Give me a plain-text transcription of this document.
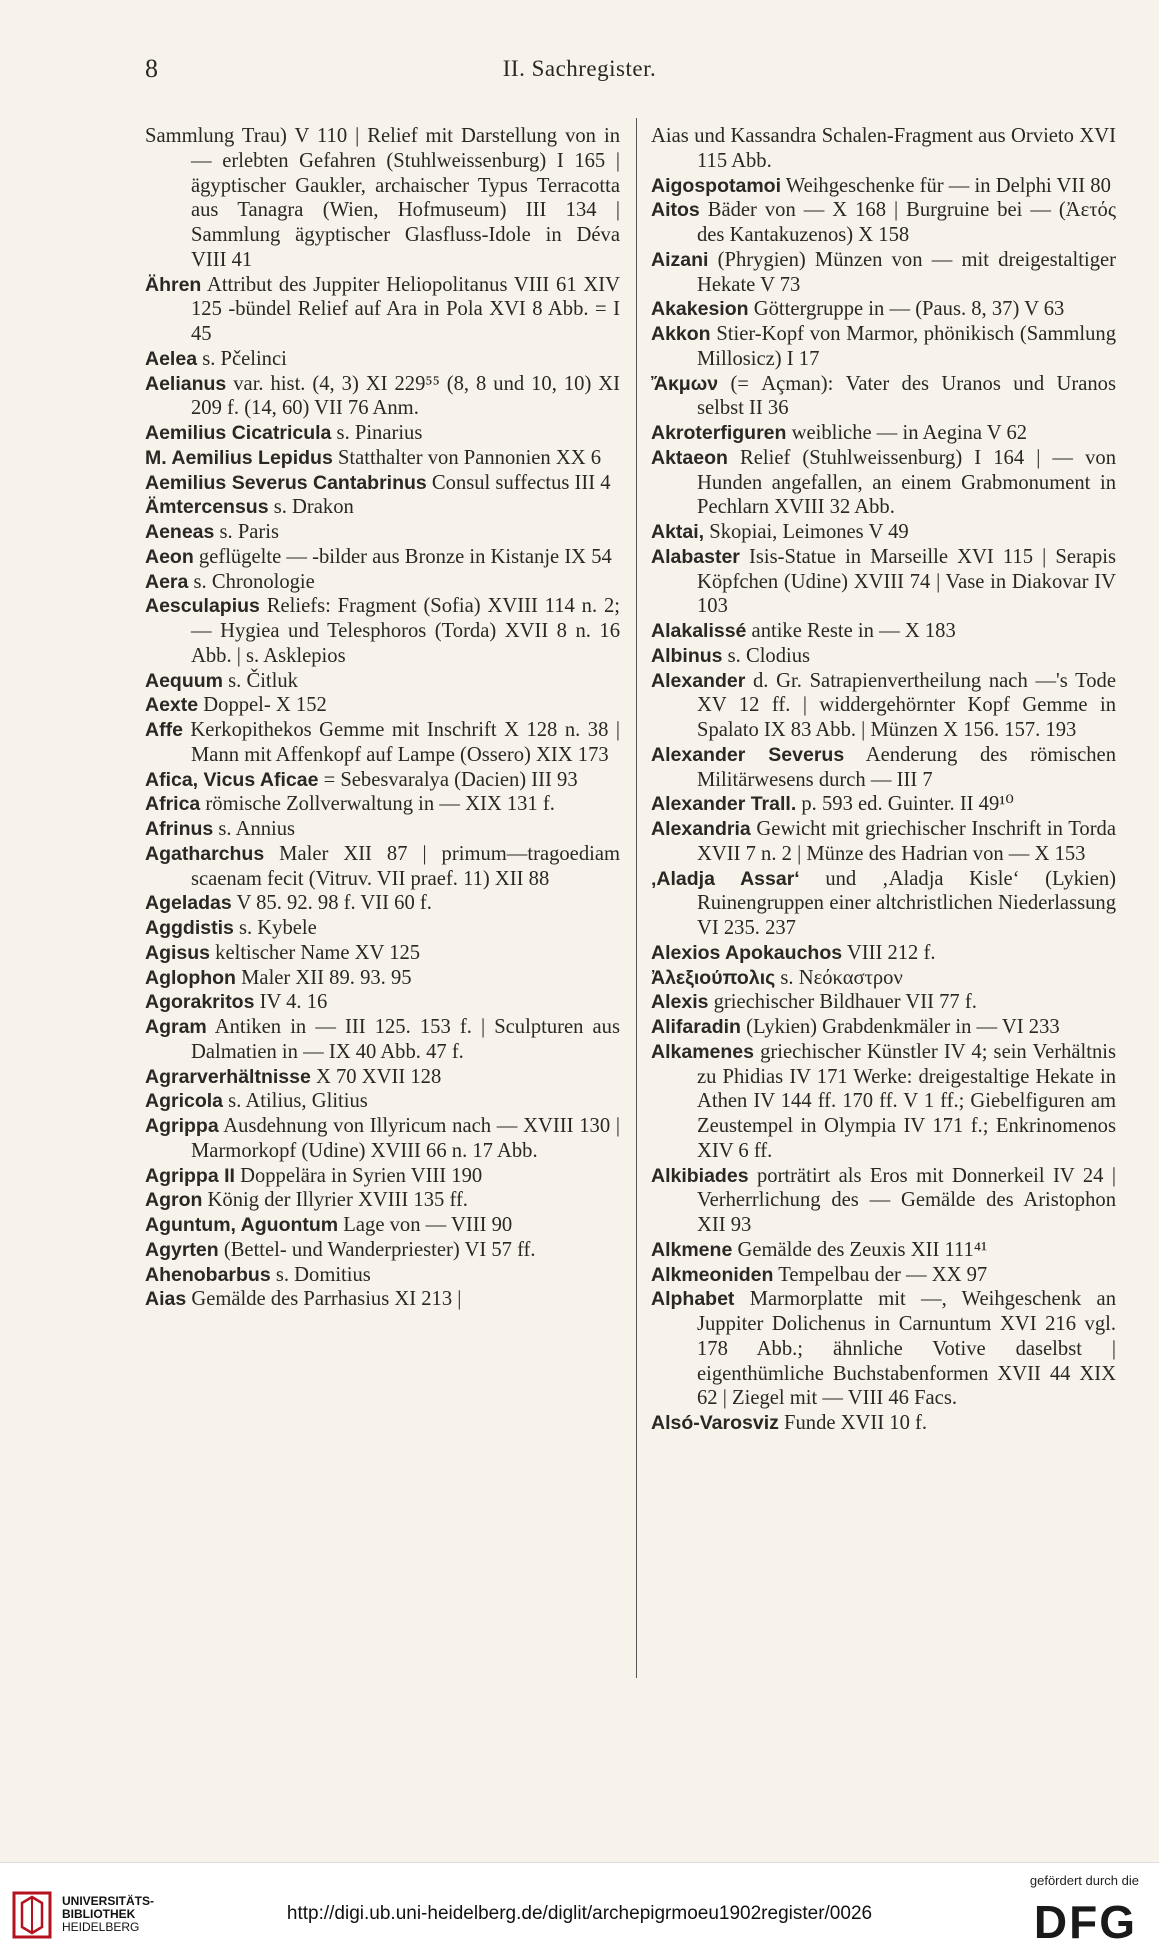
8	II. Sachregister.
Sammlung Trau) V 110 | Relief mit Darstellung von in — erlebten Gefahren (Stuhlweissenburg) I 165 | ägyptischer Gaukler, archaischer Typus Terracotta aus Tanagra (Wien, Hofmuseum) III 134 | Sammlung ägyptischer Glasfluss-Idole in Déva VIII 41
Ähren Attribut des Juppiter Heliopolitanus VIII 61 XIV 125 -bündel Relief auf Ara in Pola XVI 8 Abb. = I 45
Aelea s. Pčelinci
Aelianus var. hist. (4, 3) XI 229⁵⁵ (8, 8 und 10, 10) XI 209 f. (14, 60) VII 76 Anm.
Aemilius Cicatricula s. Pinarius
M. Aemilius Lepidus Statthalter von Pannonien XX 6
Aemilius Severus Cantabrinus Consul suffectus III 4
Ämtercensus s. Drakon
Aeneas s. Paris
Aeon geflügelte — -bilder aus Bronze in Kistanje IX 54
Aera s. Chronologie
Aesculapius Reliefs: Fragment (Sofia) XVIII 114 n. 2; — Hygiea und Telesphoros (Torda) XVII 8 n. 16 Abb. | s. Asklepios
Aequum s. Čitluk
Aexte Doppel- X 152
Affe Kerkopithekos Gemme mit Inschrift X 128 n. 38 | Mann mit Affenkopf auf Lampe (Ossero) XIX 173
Afica, Vicus Aficae = Sebesvaralya (Dacien) III 93
Africa römische Zollverwaltung in — XIX 131 f.
Afrinus s. Annius
Agatharchus Maler XII 87 | primum—tragoediam scaenam fecit (Vitruv. VII praef. 11) XII 88
Ageladas V 85. 92. 98 f. VII 60 f.
Aggdistis s. Kybele
Agisus keltischer Name XV 125
Aglophon Maler XII 89. 93. 95
Agorakritos IV 4. 16
Agram Antiken in — III 125. 153 f. | Sculpturen aus Dalmatien in — IX 40 Abb. 47 f.
Agrarverhältnisse X 70 XVII 128
Agricola s. Atilius, Glitius
Agrippa Ausdehnung von Illyricum nach — XVIII 130 | Marmorkopf (Udine) XVIII 66 n. 17 Abb.
Agrippa II Doppelära in Syrien VIII 190
Agron König der Illyrier XVIII 135 ff.
Aguntum, Aguontum Lage von — VIII 90
Agyrten (Bettel- und Wanderpriester) VI 57 ff.
Ahenobarbus s. Domitius
Aias Gemälde des Parrhasius XI 213 |
Aias und Kassandra Schalen-Fragment aus Orvieto XVI 115 Abb.
Aigospotamoi Weihgeschenke für — in Delphi VII 80
Aitos Bäder von — X 168 | Burgruine bei — (Ἀετός des Kantakuzenos) X 158
Aizani (Phrygien) Münzen von — mit dreigestaltiger Hekate V 73
Akakesion Göttergruppe in — (Paus. 8, 37) V 63
Akkon Stier-Kopf von Marmor, phönikisch (Sammlung Millosicz) I 17
Ἄκμων (= Açman): Vater des Uranos und Uranos selbst II 36
Akroterfiguren weibliche — in Aegina V 62
Aktaeon Relief (Stuhlweissenburg) I 164 | — von Hunden angefallen, an einem Grabmonument in Pechlarn XVIII 32 Abb.
Aktai, Skopiai, Leimones V 49
Alabaster Isis-Statue in Marseille XVI 115 | Serapis Köpfchen (Udine) XVIII 74 | Vase in Diakovar IV 103
Alakalissé antike Reste in — X 183
Albinus s. Clodius
Alexander d. Gr. Satrapienvertheilung nach —'s Tode XV 12 ff. | widdergehörnter Kopf Gemme in Spalato IX 83 Abb. | Münzen X 156. 157. 193
Alexander Severus Aenderung des römischen Militärwesens durch — III 7
Alexander Trall. p. 593 ed. Guinter. II 49¹⁰
Alexandria Gewicht mit griechischer Inschrift in Torda XVII 7 n. 2 | Münze des Hadrian von — X 153
‚Aladja Assar‘ und ‚Aladja Kisle‘ (Lykien) Ruinengruppen einer altchristlichen Niederlassung VI 235. 237
Alexios Apokauchos VIII 212 f.
Ἀλεξιούπολις s. Νεόκαστρον
Alexis griechischer Bildhauer VII 77 f.
Alifaradin (Lykien) Grabdenkmäler in — VI 233
Alkamenes griechischer Künstler IV 4; sein Verhältnis zu Phidias IV 171 Werke: dreigestaltige Hekate in Athen IV 144 ff. 170 ff. V 1 ff.; Giebelfiguren am Zeustempel in Olympia IV 171 f.; Enkrinomenos XIV 6 ff.
Alkibiades porträtirt als Eros mit Donnerkeil IV 24 | Verherrlichung des — Gemälde des Aristophon XII 93
Alkmene Gemälde des Zeuxis XII 111⁴¹
Alkmeoniden Tempelbau der — XX 97
Alphabet Marmorplatte mit —, Weihgeschenk an Juppiter Dolichenus in Carnuntum XVI 216 vgl. 178 Abb.; ähnliche Votive daselbst | eigenthümliche Buchstabenformen XVII 44 XIX 62 | Ziegel mit — VIII 46 Facs.
Alsó-Varosviz Funde XVII 10 f.
UNIVERSITÄTS-
BIBLIOTHEK
HEIDELBERG
http://digi.ub.uni-heidelberg.de/diglit/archepigrmoeu1902register/0026
gefördert durch die
DFG
